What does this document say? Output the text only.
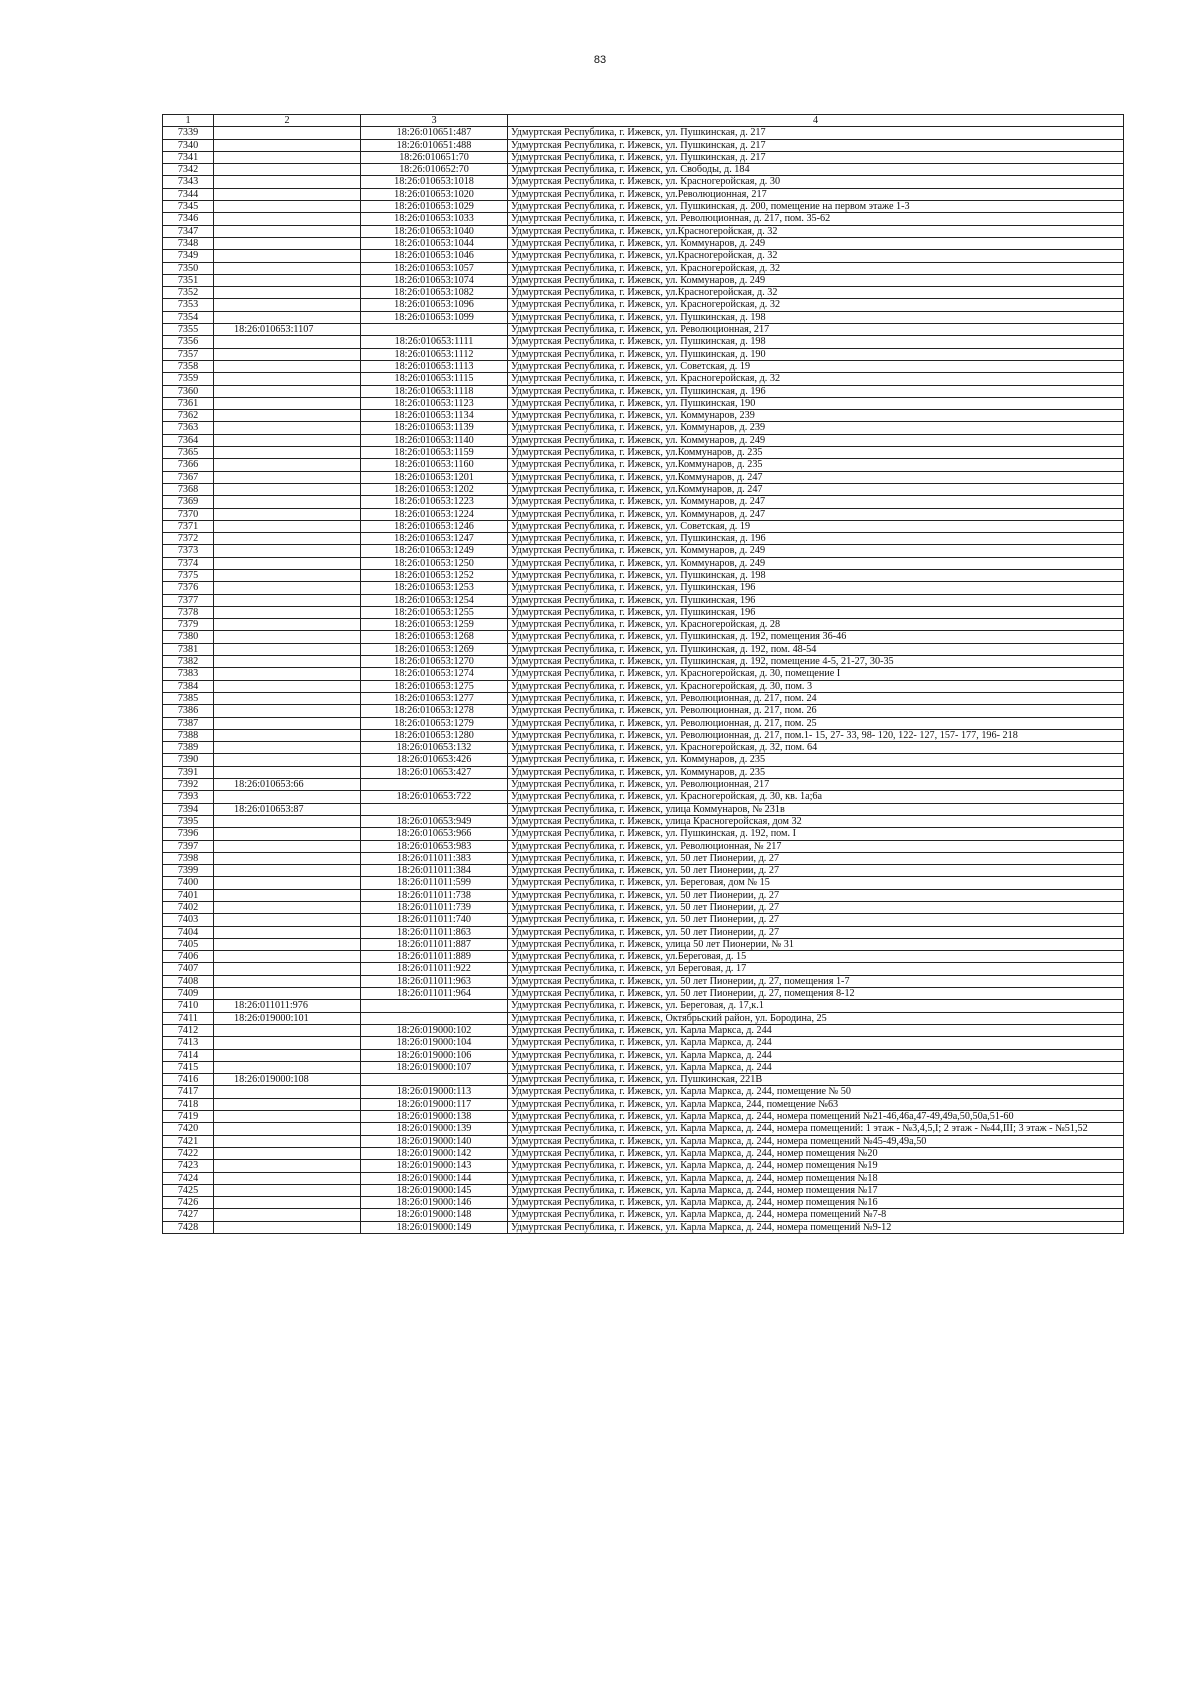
83
1	2	3	4
7339		18:26:010651:487	Удмуртская Республика, г. Ижевск, ул. Пушкинская, д. 217
7340		18:26:010651:488	Удмуртская Республика, г. Ижевск, ул. Пушкинская, д. 217
7341		18:26:010651:70	Удмуртская Республика, г. Ижевск, ул. Пушкинская, д. 217
7342		18:26:010652:70	Удмуртская Республика, г. Ижевск, ул. Свободы, д. 184
7343		18:26:010653:1018	Удмуртская Республика, г. Ижевск, ул. Красногеройская, д. 30
7344		18:26:010653:1020	Удмуртская Республика, г. Ижевск, ул.Революционная, 217
7345		18:26:010653:1029	Удмуртская Республика, г. Ижевск, ул. Пушкинская, д. 200, помещение на первом этаже 1-3
7346		18:26:010653:1033	Удмуртская Республика, г. Ижевск, ул. Революционная, д. 217, пом. 35-62
7347		18:26:010653:1040	Удмуртская Республика, г. Ижевск, ул.Красногеройская, д. 32
7348		18:26:010653:1044	Удмуртская Республика, г. Ижевск, ул. Коммунаров, д. 249
7349		18:26:010653:1046	Удмуртская Республика, г. Ижевск, ул.Красногеройская, д. 32
7350		18:26:010653:1057	Удмуртская Республика, г. Ижевск, ул. Красногеройская, д. 32
7351		18:26:010653:1074	Удмуртская Республика, г. Ижевск, ул. Коммунаров, д. 249
7352		18:26:010653:1082	Удмуртская Республика, г. Ижевск, ул.Красногеройская, д. 32
7353		18:26:010653:1096	Удмуртская Республика, г. Ижевск, ул. Красногеройская, д. 32
7354		18:26:010653:1099	Удмуртская Республика, г. Ижевск, ул. Пушкинская, д. 198
7355	18:26:010653:1107		Удмуртская Республика, г. Ижевск, ул. Революционная, 217
7356		18:26:010653:1111	Удмуртская Республика, г. Ижевск, ул. Пушкинская, д. 198
7357		18:26:010653:1112	Удмуртская Республика, г. Ижевск, ул. Пушкинская, д. 190
7358		18:26:010653:1113	Удмуртская Республика, г. Ижевск, ул. Советская, д. 19
7359		18:26:010653:1115	Удмуртская Республика, г. Ижевск, ул. Красногеройская, д. 32
7360		18:26:010653:1118	Удмуртская Республика, г. Ижевск, ул. Пушкинская, д. 196
7361		18:26:010653:1123	Удмуртская Республика, г. Ижевск, ул. Пушкинская, 190
7362		18:26:010653:1134	Удмуртская Республика, г. Ижевск, ул. Коммунаров, 239
7363		18:26:010653:1139	Удмуртская Республика, г. Ижевск, ул. Коммунаров, д. 239
7364		18:26:010653:1140	Удмуртская Республика, г. Ижевск, ул. Коммунаров, д. 249
7365		18:26:010653:1159	Удмуртская Республика, г. Ижевск, ул.Коммунаров, д. 235
7366		18:26:010653:1160	Удмуртская Республика, г. Ижевск, ул.Коммунаров, д. 235
7367		18:26:010653:1201	Удмуртская Республика, г. Ижевск, ул.Коммунаров, д. 247
7368		18:26:010653:1202	Удмуртская Республика, г. Ижевск, ул.Коммунаров, д. 247
7369		18:26:010653:1223	Удмуртская Республика, г. Ижевск, ул. Коммунаров, д. 247
7370		18:26:010653:1224	Удмуртская Республика, г. Ижевск, ул. Коммунаров, д. 247
7371		18:26:010653:1246	Удмуртская Республика, г. Ижевск, ул. Советская, д. 19
7372		18:26:010653:1247	Удмуртская Республика, г. Ижевск, ул. Пушкинская, д. 196
7373		18:26:010653:1249	Удмуртская Республика, г. Ижевск, ул. Коммунаров, д. 249
7374		18:26:010653:1250	Удмуртская Республика, г. Ижевск, ул. Коммунаров, д. 249
7375		18:26:010653:1252	Удмуртская Республика, г. Ижевск, ул. Пушкинская, д. 198
7376		18:26:010653:1253	Удмуртская Республика, г. Ижевск, ул. Пушкинская, 196
7377		18:26:010653:1254	Удмуртская Республика, г. Ижевск, ул. Пушкинская, 196
7378		18:26:010653:1255	Удмуртская Республика, г. Ижевск, ул. Пушкинская, 196
7379		18:26:010653:1259	Удмуртская Республика, г. Ижевск, ул. Красногеройская, д. 28
7380		18:26:010653:1268	Удмуртская Республика, г. Ижевск, ул. Пушкинская, д. 192, помещения 36-46
7381		18:26:010653:1269	Удмуртская Республика, г. Ижевск, ул. Пушкинская, д. 192, пом. 48-54
7382		18:26:010653:1270	Удмуртская Республика, г. Ижевск, ул. Пушкинская, д. 192, помещение 4-5, 21-27, 30-35
7383		18:26:010653:1274	Удмуртская Республика, г. Ижевск, ул. Красногеройская, д. 30, помещение I
7384		18:26:010653:1275	Удмуртская Республика, г. Ижевск, ул. Красногеройская, д. 30, пом. 3
7385		18:26:010653:1277	Удмуртская Республика, г. Ижевск, ул. Революционная, д. 217, пом. 24
7386		18:26:010653:1278	Удмуртская Республика, г. Ижевск, ул. Революционная, д. 217, пом. 26
7387		18:26:010653:1279	Удмуртская Республика, г. Ижевск, ул. Революционная, д. 217, пом. 25
7388		18:26:010653:1280	Удмуртская Республика, г. Ижевск, ул. Революционная, д. 217, пом.1- 15, 27- 33, 98- 120, 122- 127, 157- 177, 196- 218
7389		18:26:010653:132	Удмуртская Республика, г. Ижевск, ул. Красногеройская, д. 32, пом. 64
7390		18:26:010653:426	Удмуртская Республика, г. Ижевск, ул. Коммунаров, д. 235
7391		18:26:010653:427	Удмуртская Республика, г. Ижевск, ул. Коммунаров, д. 235
7392	18:26:010653:66		Удмуртская Республика, г. Ижевск, ул. Революционная, 217
7393		18:26:010653:722	Удмуртская Республика, г. Ижевск, ул. Красногеройская, д. 30, кв. 1а;6а
7394	18:26:010653:87		Удмуртская Республика, г. Ижевск, улица Коммунаров, № 231в
7395		18:26:010653:949	Удмуртская Республика, г. Ижевск, улица Красногеройская, дом 32
7396		18:26:010653:966	Удмуртская Республика, г. Ижевск, ул. Пушкинская, д. 192, пом. I
7397		18:26:010653:983	Удмуртская Республика, г. Ижевск, ул. Революционная, № 217
7398		18:26:011011:383	Удмуртская Республика, г. Ижевск, ул. 50 лет Пионерии, д. 27
7399		18:26:011011:384	Удмуртская Республика, г. Ижевск, ул. 50 лет Пионерии, д. 27
7400		18:26:011011:599	Удмуртская Республика, г. Ижевск, ул. Береговая, дом № 15
7401		18:26:011011:738	Удмуртская Республика, г. Ижевск, ул. 50 лет Пионерии, д. 27
7402		18:26:011011:739	Удмуртская Республика, г. Ижевск, ул. 50 лет Пионерии, д. 27
7403		18:26:011011:740	Удмуртская Республика, г. Ижевск, ул. 50 лет Пионерии, д. 27
7404		18:26:011011:863	Удмуртская Республика, г. Ижевск, ул. 50 лет Пионерии, д. 27
7405		18:26:011011:887	Удмуртская Республика, г. Ижевск, улица 50 лет Пионерии, № 31
7406		18:26:011011:889	Удмуртская Республика, г. Ижевск, ул.Береговая, д. 15
7407		18:26:011011:922	Удмуртская Республика, г. Ижевск, ул Береговая, д. 17
7408		18:26:011011:963	Удмуртская Республика, г. Ижевск, ул. 50 лет Пионерии, д. 27, помещения 1-7
7409		18:26:011011:964	Удмуртская Республика, г. Ижевск, ул. 50 лет Пионерии, д. 27, помещения 8-12
7410	18:26:011011:976		Удмуртская Республика, г. Ижевск, ул. Береговая, д. 17,к.1
7411	18:26:019000:101		Удмуртская Республика, г. Ижевск, Октябрьский район, ул. Бородина, 25
7412		18:26:019000:102	Удмуртская Республика, г. Ижевск, ул. Карла Маркса, д. 244
7413		18:26:019000:104	Удмуртская Республика, г. Ижевск, ул. Карла Маркса, д. 244
7414		18:26:019000:106	Удмуртская Республика, г. Ижевск, ул. Карла Маркса, д. 244
7415		18:26:019000:107	Удмуртская Республика, г. Ижевск, ул. Карла Маркса, д. 244
7416	18:26:019000:108		Удмуртская Республика, г. Ижевск, ул. Пушкинская, 221В
7417		18:26:019000:113	Удмуртская Республика, г. Ижевск, ул. Карла Маркса, д. 244, помещение № 50
7418		18:26:019000:117	Удмуртская Республика, г. Ижевск, ул. Карла Маркса, 244, помещение №63
7419		18:26:019000:138	Удмуртская Республика, г. Ижевск, ул. Карла Маркса, д. 244, номера помещений №21-46,46а,47-49,49а,50,50а,51-60
7420		18:26:019000:139	Удмуртская Республика, г. Ижевск, ул. Карла Маркса, д. 244, номера помещений: 1 этаж - №3,4,5,I; 2 этаж - №44,III; 3 этаж - №51,52
7421		18:26:019000:140	Удмуртская Республика, г. Ижевск, ул. Карла Маркса, д. 244, номера помещений №45-49,49а,50
7422		18:26:019000:142	Удмуртская Республика, г. Ижевск, ул. Карла Маркса, д. 244, номер помещения №20
7423		18:26:019000:143	Удмуртская Республика, г. Ижевск, ул. Карла Маркса, д. 244, номер помещения №19
7424		18:26:019000:144	Удмуртская Республика, г. Ижевск, ул. Карла Маркса, д. 244, номер помещения №18
7425		18:26:019000:145	Удмуртская Республика, г. Ижевск, ул. Карла Маркса, д. 244, номер помещения №17
7426		18:26:019000:146	Удмуртская Республика, г. Ижевск, ул. Карла Маркса, д. 244, номер помещения №16
7427		18:26:019000:148	Удмуртская Республика, г. Ижевск, ул. Карла Маркса, д. 244, номера помещений №7-8
7428		18:26:019000:149	Удмуртская Республика, г. Ижевск, ул. Карла Маркса, д. 244, номера помещений №9-12
